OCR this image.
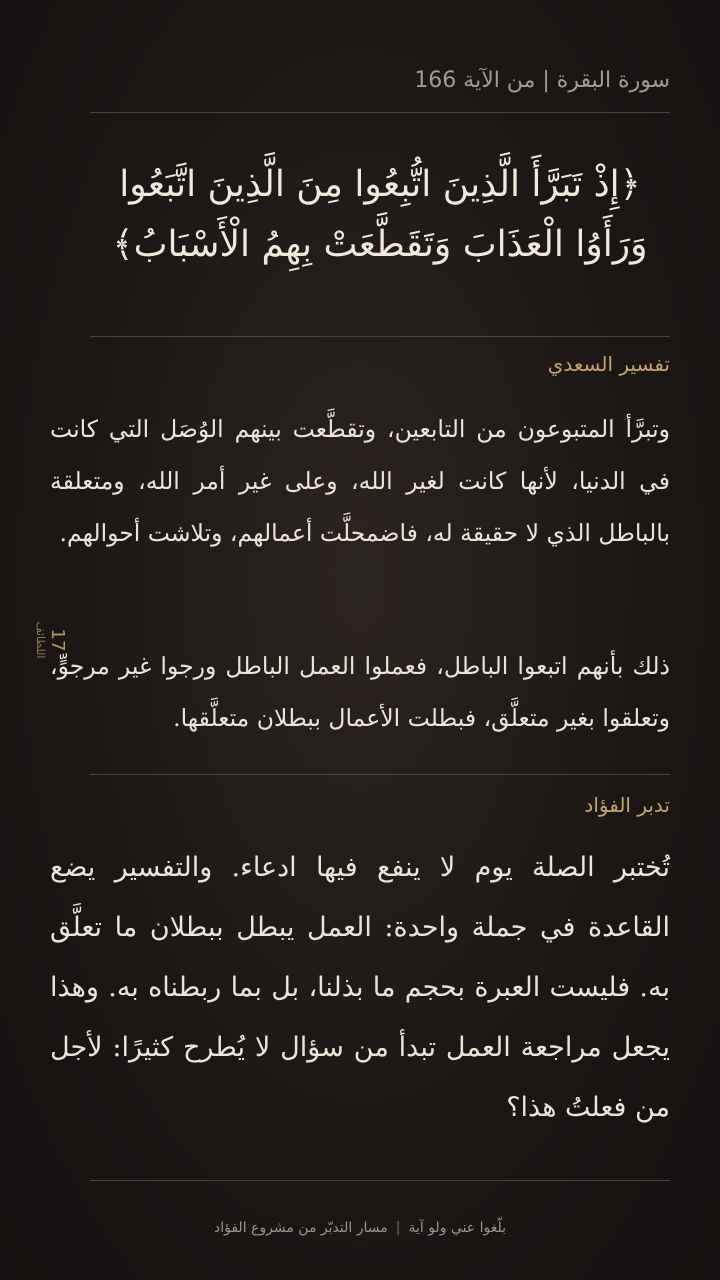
سورة البقرة | من الآية 166
﴿إِذْ تَبَرَّأَ الَّذِينَ اتُّبِعُوا مِنَ الَّذِينَ اتَّبَعُوا
وَرَأَوُا الْعَذَابَ وَتَقَطَّعَتْ بِهِمُ الْأَسْبَابُ﴾
تفسير السعدي
وتبرَّأ المتبوعون من التابعين، وتقطَّعت بينهم الوُصَل التي كانت في الدنيا، لأنها كانت لغير الله، وعلى غير أمر الله، ومتعلقة بالباطل الذي لا حقيقة له، فاضمحلَّت أعمالهم، وتلاشت أحوالهم.
ذلك بأنهم اتبعوا الباطل، فعملوا العمل الباطل ورجوا غير مرجوٍّ، وتعلقوا بغير متعلَّق، فبطلت الأعمال ببطلان متعلَّقها.
تدبر الفؤاد
تُختبر الصلة يوم لا ينفع فيها ادعاء. والتفسير يضع القاعدة في جملة واحدة: العمل يبطل ببطلان ما تعلَّق به. فليست العبرة بحجم ما بذلنا، بل بما ربطناه به. وهذا يجعل مراجعة العمل تبدأ من سؤال لا يُطرح كثيرًا: لأجل من فعلتُ هذا؟
بلّغوا عني ولو آية|مسار التدبّر من مشروع الفؤاد
17
اللطائف
